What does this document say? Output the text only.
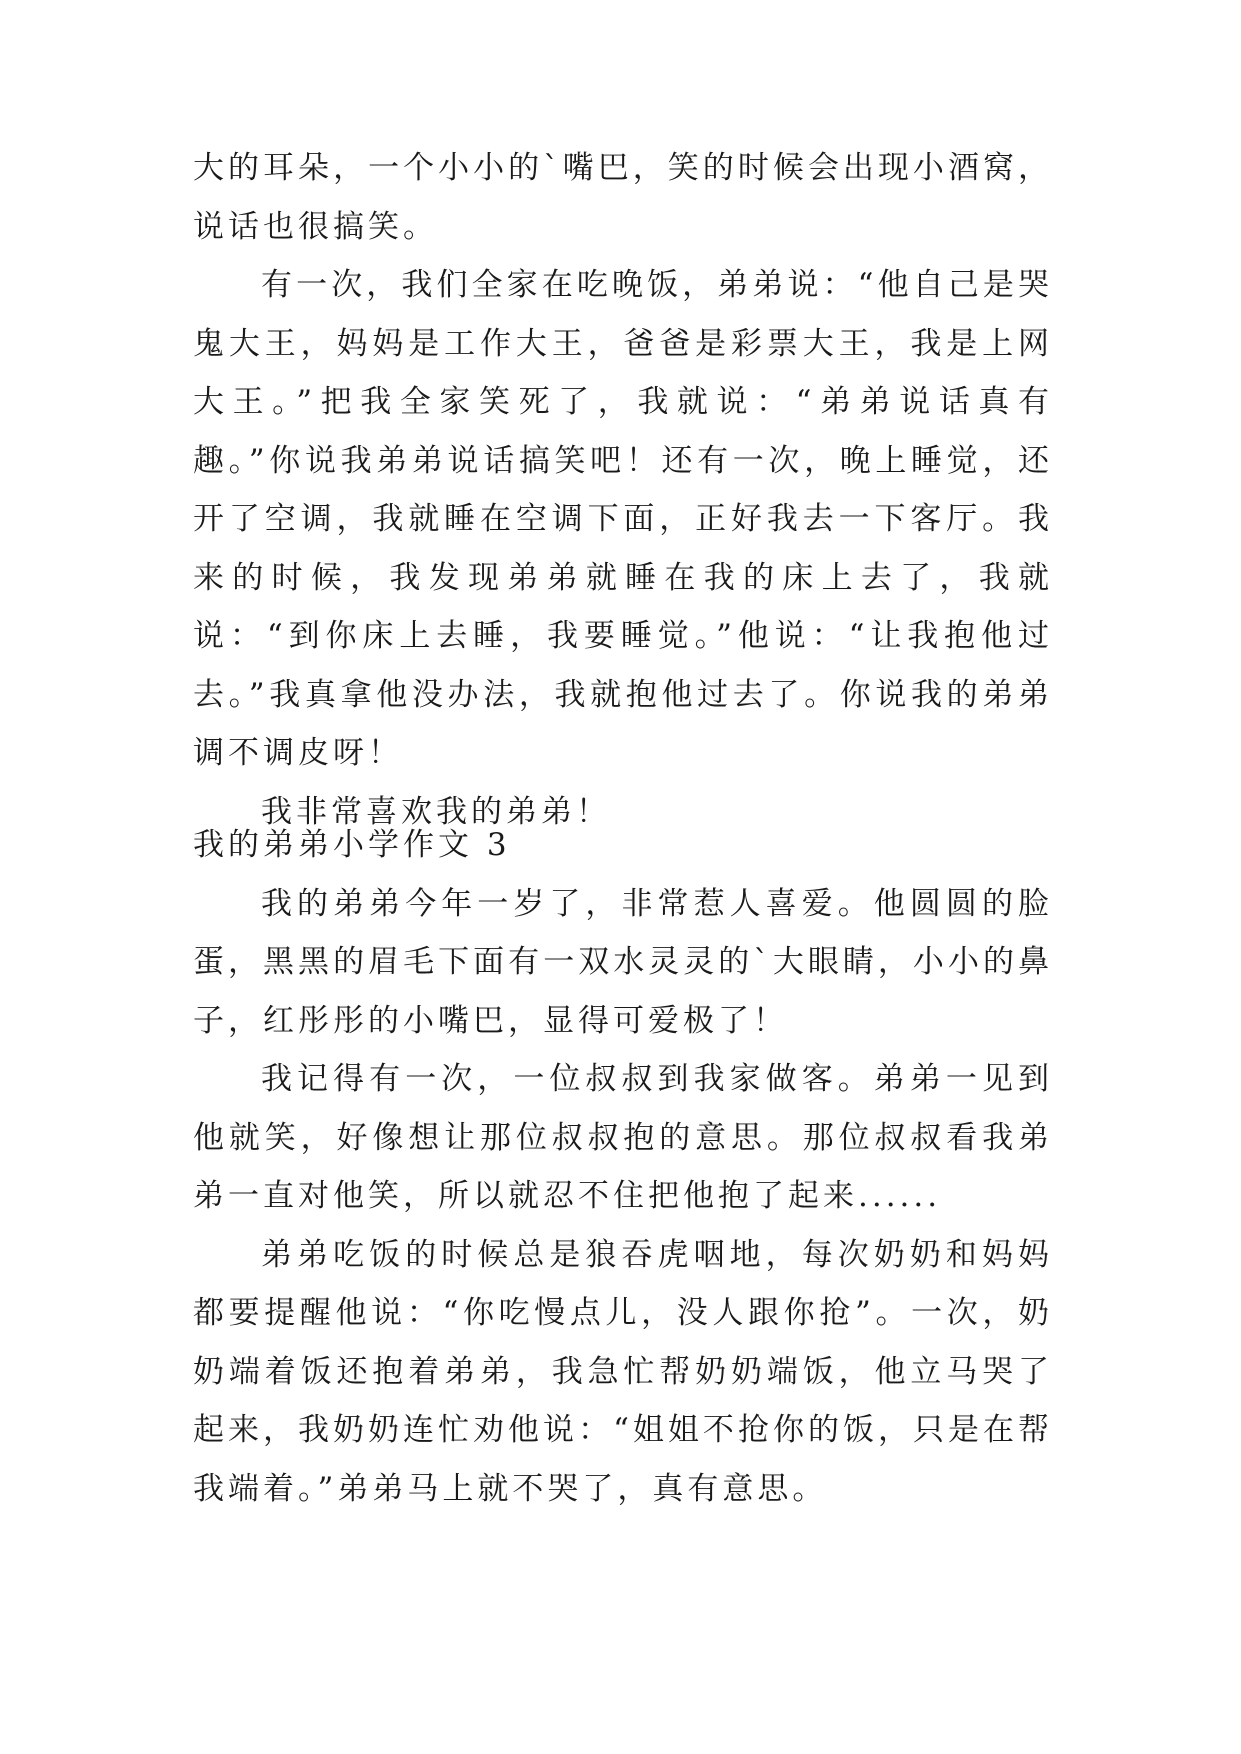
大的耳朵，一个小小的`嘴巴，笑的时候会出现小酒窝，说话也很搞笑。

有一次，我们全家在吃晚饭，弟弟说：“他自己是哭鬼大王，妈妈是工作大王，爸爸是彩票大王，我是上网大王。”把我全家笑死了，我就说：“弟弟说话真有趣。”你说我弟弟说话搞笑吧！还有一次，晚上睡觉，还开了空调，我就睡在空调下面，正好我去一下客厅。我来的时候，我发现弟弟就睡在我的床上去了，我就说：“到你床上去睡，我要睡觉。”他说：“让我抱他过去。”我真拿他没办法，我就抱他过去了。你说我的弟弟调不调皮呀！

我非常喜欢我的弟弟！

我的弟弟小学作文 3

我的弟弟今年一岁了，非常惹人喜爱。他圆圆的脸蛋，黑黑的眉毛下面有一双水灵灵的`大眼睛，小小的鼻子，红彤彤的小嘴巴，显得可爱极了！

我记得有一次，一位叔叔到我家做客。弟弟一见到他就笑，好像想让那位叔叔抱的意思。那位叔叔看我弟弟一直对他笑，所以就忍不住把他抱了起来......

弟弟吃饭的时候总是狼吞虎咽地，每次奶奶和妈妈都要提醒他说：“你吃慢点儿，没人跟你抢”。一次，奶奶端着饭还抱着弟弟，我急忙帮奶奶端饭，他立马哭了起来，我奶奶连忙劝他说：“姐姐不抢你的饭，只是在帮我端着。”弟弟马上就不哭了，真有意思。
